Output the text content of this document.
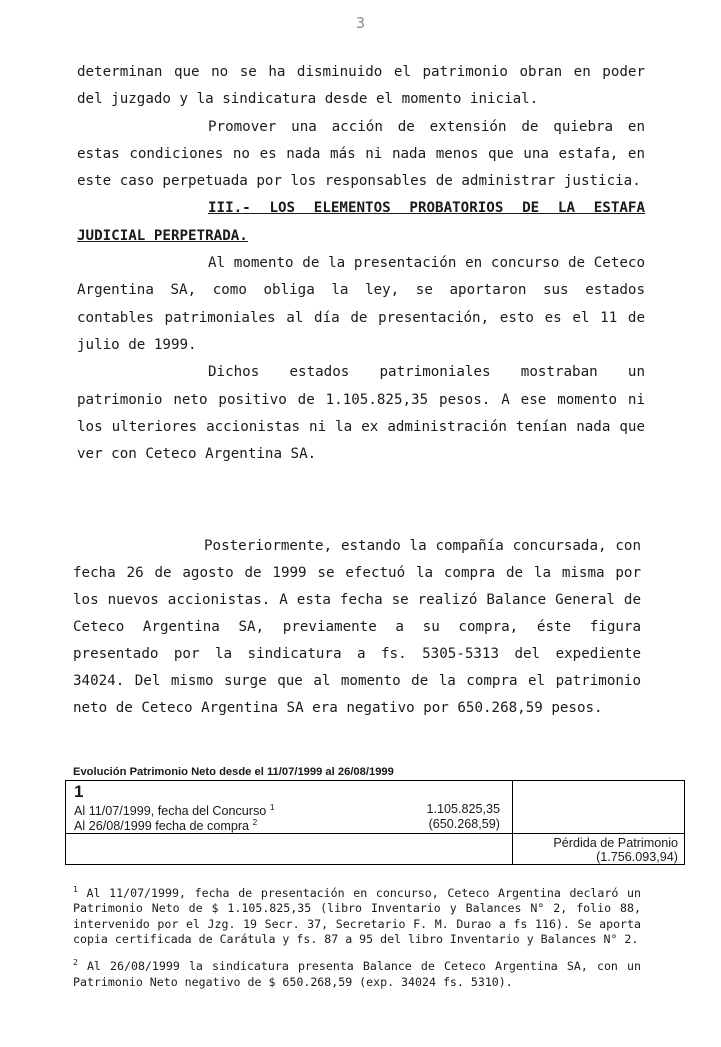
3

determinan que no se ha disminuido el patrimonio obran en poder del juzgado y la sindicatura desde el momento inicial.

Promover una acción de extensión de quiebra en estas condiciones no es nada más ni nada menos que una estafa, en este caso perpetuada por los responsables de administrar justicia.

III.- LOS ELEMENTOS PROBATORIOS DE LA ESTAFA JUDICIAL PERPETRADA.

Al momento de la presentación en concurso de Ceteco Argentina SA, como obliga la ley, se aportaron sus estados contables patrimoniales al día de presentación, esto es el 11 de julio de 1999.

Dichos estados patrimoniales mostraban un patrimonio neto positivo de 1.105.825,35 pesos. A ese momento ni los ulteriores accionistas ni la ex administración tenían nada que ver con Ceteco Argentina SA.

Posteriormente, estando la compañía concursada, con fecha 26 de agosto de 1999 se efectuó la compra de la misma por los nuevos accionistas. A esta fecha se realizó Balance General de Ceteco Argentina SA, previamente a su compra, éste figura presentado por la sindicatura a fs. 5305-5313 del expediente 34024. Del mismo surge que al momento de la compra el patrimonio neto de Ceteco Argentina SA era negativo por 650.268,59 pesos.

Evolución Patrimonio Neto desde el 11/07/1999 al 26/08/1999
1
Al 11/07/1999, fecha del Concurso $^1$	1.105.825,35
Al 26/08/1999 fecha de compra $^2$	(650.268,59)
Pérdida de Patrimonio
(1.756.093,94)

$^1$ Al 11/07/1999, fecha de presentación en concurso, Ceteco Argentina declaró un Patrimonio Neto de $ 1.105.825,35 (libro Inventario y Balances N° 2, folio 88, intervenido por el Jzg. 19 Secr. 37, Secretario F. M. Durao a fs 116). Se aporta copia certificada de Carátula y fs. 87 a 95 del libro Inventario y Balances N° 2.

$^2$ Al 26/08/1999 la sindicatura presenta Balance de Ceteco Argentina SA, con un Patrimonio Neto negativo de $ 650.268,59 (exp. 34024 fs. 5310).
